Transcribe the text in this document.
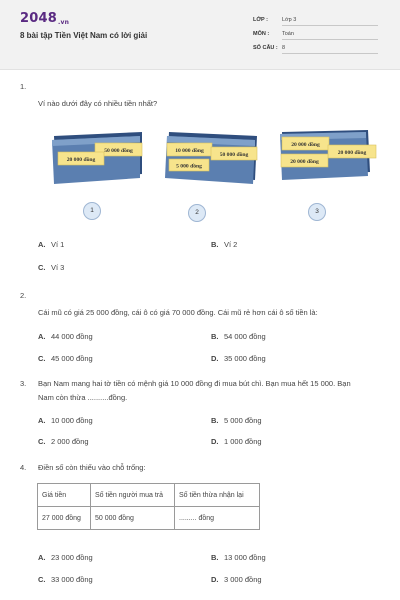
2048.vn
8 bài tập Tiền Việt Nam có lời giải
LỚP :	Lớp 3
MÔN : Toán
SỐ CÂU : 8
1.
Ví nào dưới đây có nhiều tiền nhất?
50 000 đồng
20 000 đồng
1
10 000 đồng
50 000 đồng
5 000 đồng
2
20 000 đồng
20 000 đồng
20 000 đồng
3
A. Ví 1	B. Ví 2
C. Ví 3
2.
Cái mũ có giá 25 000 đồng, cái ô có giá 70 000 đồng. Cái mũ rẻ hơn cái ô số tiền là:
A. 44 000 đồng	B. 54 000 đồng
C. 45 000 đồng	D. 35 000 đồng
3. Bạn Nam mang hai tờ tiền có mệnh giá 10 000 đồng đi mua bút chì. Bạn mua hết 15 000. Bạn
Nam còn thừa ..........đồng.
A. 10 000 đồng	B. 5 000 đồng
C. 2 000 đồng	D. 1 000 đồng
4. Điền số còn thiếu vào chỗ trống:
Giá tiền	Số tiền người mua trả	Số tiền thừa nhận lại
27 000 đồng	50 000 đồng	......... đồng
A. 23 000 đồng	B. 13 000 đồng
C. 33 000 đồng	D. 3 000 đồng
